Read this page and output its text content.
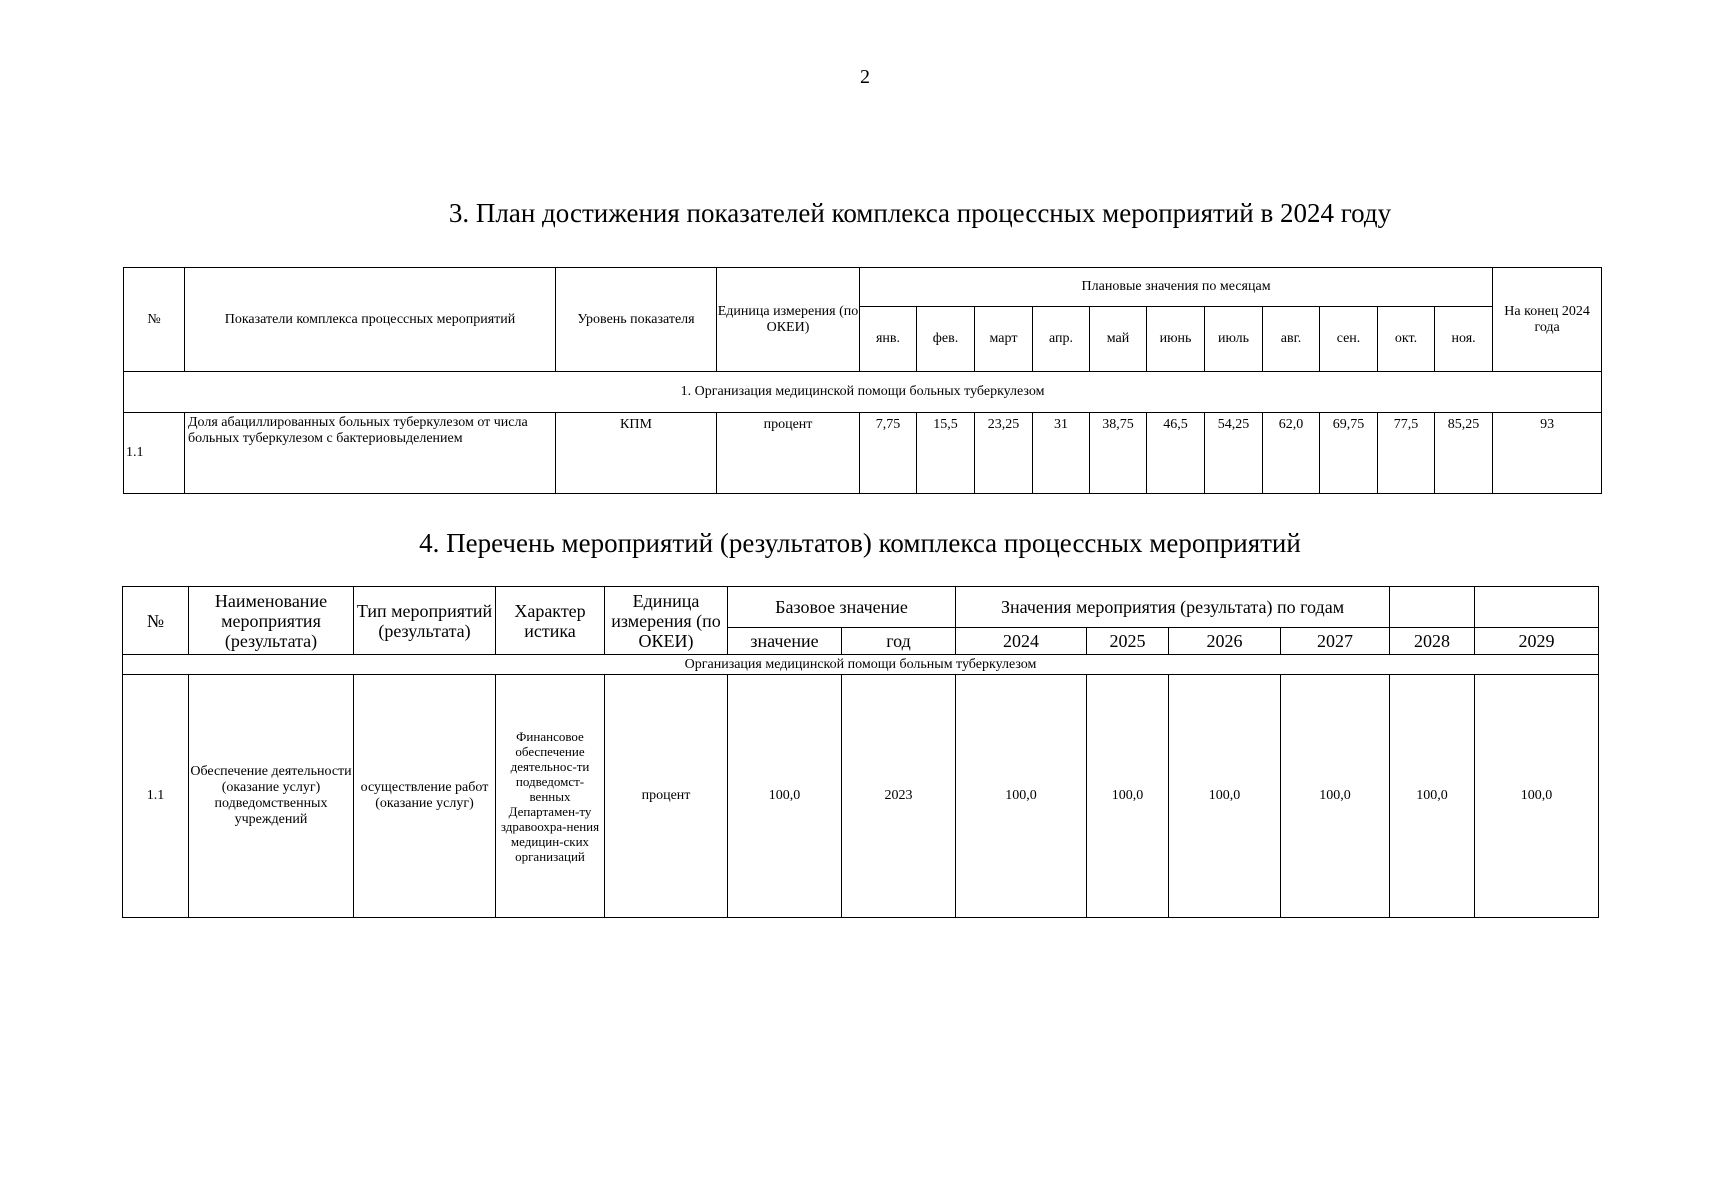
2
3. План достижения показателей комплекса процессных мероприятий в 2024 году
№	Показатели комплекса процессных мероприятий	Уровень показателя	Единица измерения (по ОКЕИ)	Плановые значения по месяцам											На конец 2024 года
				янв.	фев.	март	апр.	май	июнь	июль	авг.	сен.	окт.	ноя.	
1. Организация медицинской помощи больных туберкулезом															
1.1	Доля абациллированных больных туберкулезом от числа больных туберкулезом с бактериовыделением	КПМ	процент	7,75	15,5	23,25	31	38,75	46,5	54,25	62,0	69,75	77,5	85,25	93
4. Перечень мероприятий (результатов) комплекса процессных мероприятий
№	Наименование мероприятия (результата)	Тип мероприятий (результата)	Характер истика	Единица измерения (по ОКЕИ)	Базовое значение		Значения мероприятия (результата) по годам					
					значение	год	2024	2025	2026	2027	2028	2029
Организация медицинской помощи больным туберкулезом												
1.1	Обеспечение деятельности (оказание услуг) подведомственных учреждений	осуществление работ (оказание услуг)	Финансовое обеспечение деятельнос-ти подведомст-венных Департамен-ту здравоохра-нения медицин-ских организаций	процент	100,0	2023	100,0	100,0	100,0	100,0	100,0	100,0
